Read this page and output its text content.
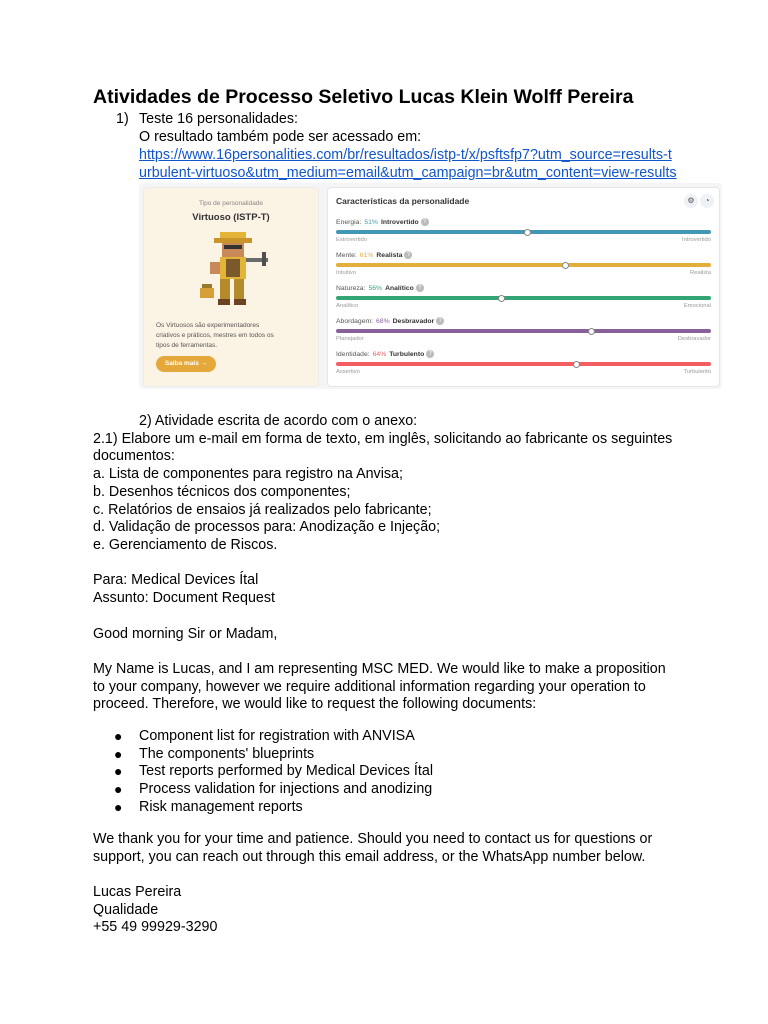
Atividades de Processo Seletivo Lucas Klein Wolff Pereira
1) Teste 16 personalidades:
O resultado também pode ser acessado em:
https://www.16personalities.com/br/resultados/istp-t/x/psftsfp7?utm_source=results-t
urbulent-virtuoso&utm_medium=email&utm_campaign=br&utm_content=view-results
Tipo de personalidade
Virtuoso (ISTP-T)
Os Virtuosos são experimentadores
criativos e práticos, mestres em todos os
tipos de ferramentas.
Saiba mais →
Características da personalidade	⚙	◔
Energia: 51% Introvertido ?
Extrovertido	Introvertido
Mente: 61% Realista ?
Intuitivo	Realista
Natureza: 56% Analítico ?
Analítico	Emocional
Abordagem: 68% Desbravador ?
Planejador	Desbravador
Identidade: 64% Turbulento ?
Assertivo	Turbulento
2) Atividade escrita de acordo com o anexo:
2.1) Elabore um e-mail em forma de texto, em inglês, solicitando ao fabricante os seguintes
documentos:
a. Lista de componentes para registro na Anvisa;
b. Desenhos técnicos dos componentes;
c. Relatórios de ensaios já realizados pelo fabricante;
d. Validação de processos para: Anodização e Injeção;
e. Gerenciamento de Riscos.
Para: Medical Devices Ítal
Assunto: Document Request
Good morning Sir or Madam,
My Name is Lucas, and I am representing MSC MED. We would like to make a proposition
to your company, however we require additional information regarding your operation to
proceed. Therefore, we would like to request the following documents:
● Component list for registration with ANVISA
● The components' blueprints
● Test reports performed by Medical Devices Ítal
● Process validation for injections and anodizing
● Risk management reports
We thank you for your time and patience. Should you need to contact us for questions or
support, you can reach out through this email address, or the WhatsApp number below.
Lucas Pereira
Qualidade
+55 49 99929-3290
